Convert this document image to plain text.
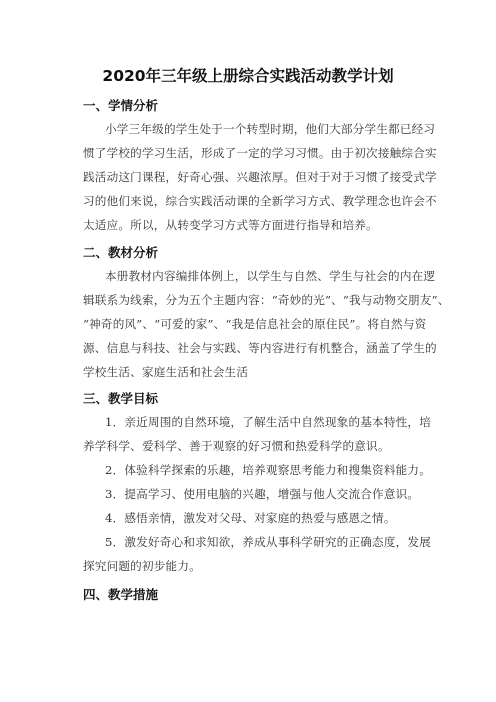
2020年三年级上册综合实践活动教学计划
一、学情分析
小学三年级的学生处于一个转型时期，他们大部分学生都已经习
惯了学校的学习生活，形成了一定的学习习惯。由于初次接触综合实
践活动这门课程，好奇心强、兴趣浓厚。但对于对于习惯了接受式学
习的他们来说，综合实践活动课的全新学习方式、教学理念也许会不
太适应。所以，从转变学习方式等方面进行指导和培养。
二、教材分析
本册教材内容编排体例上，以学生与自然、学生与社会的内在逻
辑联系为线索，分为五个主题内容：“奇妙的光”、“我与动物交朋友”、
“神奇的风”、“可爱的家”、“我是信息社会的原住民”。将自然与资
源、信息与科技、社会与实践、等内容进行有机整合，涵盖了学生的
学校生活、家庭生活和社会生活
三、教学目标
1．亲近周围的自然环境，了解生活中自然现象的基本特性，培
养学科学、爱科学、善于观察的好习惯和热爱科学的意识。
2．体验科学探索的乐趣，培养观察思考能力和搜集资料能力。
3．提高学习、使用电脑的兴趣，增强与他人交流合作意识。
4．感悟亲情，激发对父母、对家庭的热爱与感恩之情。
5．激发好奇心和求知欲，养成从事科学研究的正确态度，发展
探究问题的初步能力。
四、教学措施
